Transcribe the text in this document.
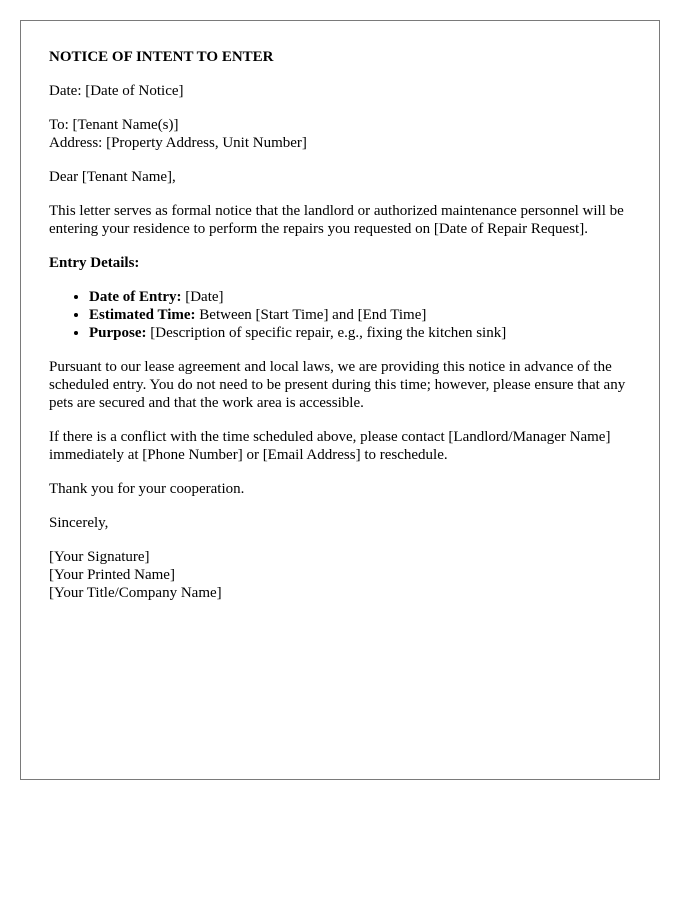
NOTICE OF INTENT TO ENTER

Date: [Date of Notice]

To: [Tenant Name(s)]
Address: [Property Address, Unit Number]

Dear [Tenant Name],

This letter serves as formal notice that the landlord or authorized maintenance personnel will be entering your residence to perform the repairs you requested on [Date of Repair Request].

Entry Details:
• Date of Entry: [Date]
• Estimated Time: Between [Start Time] and [End Time]
• Purpose: [Description of specific repair, e.g., fixing the kitchen sink]

Pursuant to our lease agreement and local laws, we are providing this notice in advance of the scheduled entry. You do not need to be present during this time; however, please ensure that any pets are secured and that the work area is accessible.

If there is a conflict with the time scheduled above, please contact [Landlord/Manager Name] immediately at [Phone Number] or [Email Address] to reschedule.

Thank you for your cooperation.

Sincerely,

[Your Signature]
[Your Printed Name]
[Your Title/Company Name]
